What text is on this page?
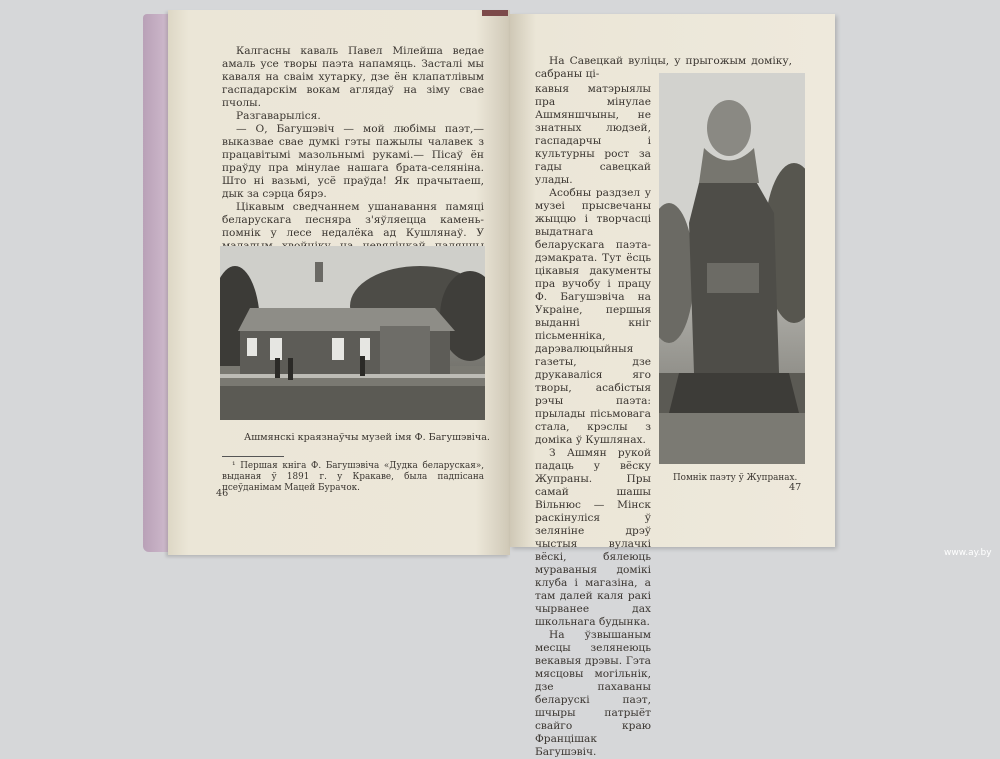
Калгасны каваль Павел Мілейша ведае амаль усе творы паэта напамяць. Засталі мы каваля на сваім хутарку, дзе ён клапатлівым гаспадарскім вокам аглядаў на зіму свае пчолы.

Разгаварыліся.

— О, Багушэвіч — мой любімы паэт,— выказвае свае думкі гэты пажылы чалавек з працавітымі мазольнымі рукамі.— Пісаў ён праўду пра мінулае нашага брата-селяніна. Што ні вазьмі, усё праўда! Як прачытаеш, дык за сэрца бярэ.

Цікавым сведчаннем ушанавання памяці беларускага песняра з'яўляецца камень-помнік у лесе недалёка ад Кушлянаў. У

Ашмянскі краязнаўчы музей імя Ф. Багушэвіча.

¹ Першая кніга Ф. Багушэвіча «Дудка беларуская», выданая ў 1891 г. у Кракаве, была падпісана псеўданімам Мацей Бурачок.

46

На Савецкай вуліцы, у прыгожым доміку, сабраны ці-

кавыя матэрыялы пра мінулае Ашмяншчыны, не знатных людзей, гаспадарчы і культурны рост за гады савецкай улады.

Асобны раздзел у музеі прысвечаны жыццю і творчасці выдатнага беларускага паэта-дэмакрата. Тут ёсць цікавыя дакументы пра вучобу і працу Ф. Багушэвіча на Украіне, першыя выданні кніг пісьменніка, дарэвалюцыйныя газеты, дзе друкаваліся яго творы, асабістыя рэчы паэта: прылады пісьмовага стала, крэслы з доміка ў Кушлянах.

З Ашмян рукой падаць у вёску Жупраны. Пры самай шашы Вільнюс — Мінск раскінуліся ў зеляніне дрэў чыстыя вулачкі вёскі, бялеюць муравaныя домікі клуба і магазіна, а там далей каля ракі чырванее дах школьнага будынка.

На ўзвышаным месцы зелянеюць векавыя дрэвы. Гэта мясцовы могільнік, дзе пахаваны беларускі паэт, шчыры патрыёт свайго краю Францішак Багушэвіч.

Помнік паэту ў Жупранах.
47
www.ay.by
